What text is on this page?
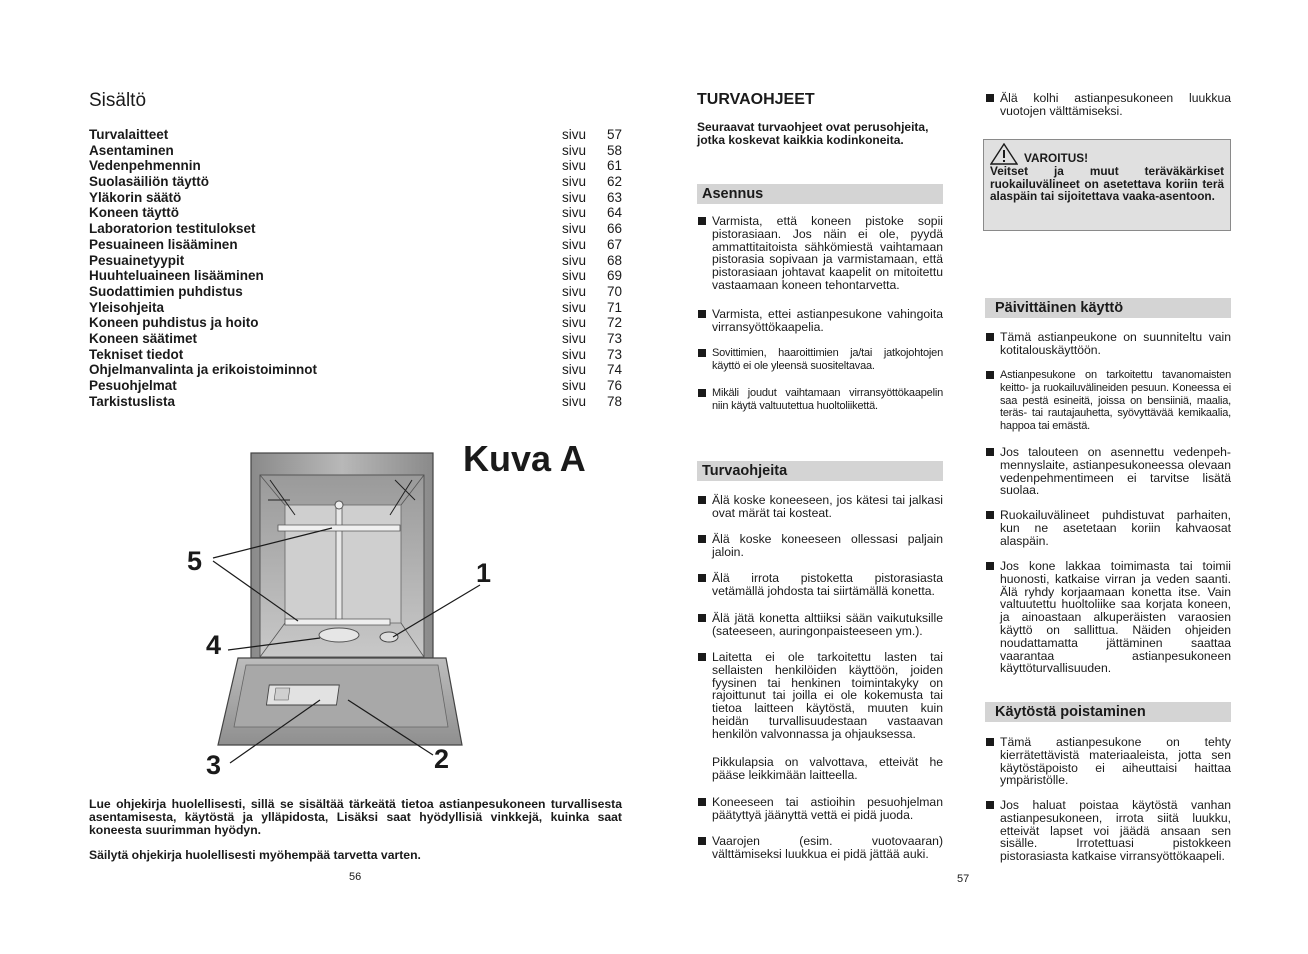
Sisältö
Turvalaitteet	sivu	57
Asentaminen	sivu	58
Vedenpehmennin	sivu	61
Suolasäiliön täyttö	sivu	62
Yläkorin säätö	sivu	63
Koneen täyttö	sivu	64
Laboratorion testitulokset	sivu	66
Pesuaineen lisääminen	sivu	67
Pesuainetyypit	sivu	68
Huuhteluaineen lisääminen	sivu	69
Suodattimien puhdistus	sivu	70
Yleisohjeita	sivu	71
Koneen puhdistus ja hoito	sivu	72
Koneen säätimet	sivu	73
Tekniset tiedot	sivu	73
Ohjelmanvalinta ja erikoistoiminnot	sivu	74
Pesuohjelmat	sivu	76
Tarkistuslista	sivu	78
Kuva A
5	1
4
3	2
Lue ohjekirja huolellisesti, sillä se sisältää tärkeätä tietoa astianpesukoneen turvallisesta asentamisesta, käytöstä ja ylläpidosta, Lisäksi saat hyödyllisiä vinkkejä, kuinka saat koneesta suurimman hyödyn.
Säilytä ohjekirja huolellisesti myöhempää tarvetta varten.
56
TURVAOHJEET
Seuraavat turvaohjeet ovat perusohjeita, jotka koskevat kaikkia kodinkoneita.
Asennus
Varmista, että koneen pistoke sopii pistorasiaan. Jos näin ei ole, pyydä ammattitaitoista sähkömiestä vaihtamaan pistorasia sopivaan ja varmistamaan, että pistorasiaan johtavat kaapelit on mitoitettu vastaamaan koneen tehontarvetta.
Varmista, ettei astianpesukone vahingoita virransyöttökaapelia.
Sovittimien, haaroittimien ja/tai jatkojohtojen käyttö ei ole yleensä suositeltavaa.
Mikäli joudut vaihtamaan virransyöttökaapelin niin käytä valtuutettua huoltoliikettä.
Turvaohjeita
Älä koske koneeseen, jos kätesi tai jalkasi ovat märät tai kosteat.
Älä koske koneeseen ollessasi paljain jaloin.
Älä irrota pistoketta pistorasiasta vetämällä johdosta tai siirtämällä konetta.
Älä jätä konetta alttiiksi sään vaikutuksille (sateeseen, auringonpaisteeseen ym.).
Laitetta ei ole tarkoitettu lasten tai sellaisten henkilöiden käyttöön, joiden fyysinen tai henkinen toimintakyky on rajoittunut tai joilla ei ole kokemusta tai tietoa laitteen käytöstä, muuten kuin heidän turvallisuudestaan vastaavan henkilön valvonnassa ja ohjauksessa.
Pikkulapsia on valvottava, etteivät he pääse leikkimään laitteella.
Koneeseen tai astioihin pesuohjelman päätyttyä jäänyttä vettä ei pidä juoda.
Vaarojen (esim. vuotovaaran) välttämiseksi luukkua ei pidä jättää auki.
Älä kolhi astianpesukoneen luukkua vuotojen välttämiseksi.
VAROITUS!
Veitset ja muut teräväkärkiset ruokailuvälineet on asetettava koriin terä alaspäin tai sijoitettava vaaka-asentoon.
Päivittäinen käyttö
Tämä astianpeukone on suunniteltu vain kotitalouskäyttöön.
Astianpesukone on tarkoitettu tavanomaisten keitto- ja ruokailuvälineiden pesuun. Koneessa ei saa pestä esineitä, joissa on bensiiniä, maalia, teräs- tai rautajauhetta, syövyttävää kemikaalia, happoa tai emästä.
Jos talouteen on asennettu vedenpeh-mennyslaite, astianpesukoneessa olevaan vedenpehmentimeen ei tarvitse lisätä suolaa.
Ruokailuvälineet puhdistuvat parhaiten, kun ne asetetaan koriin kahvaosat alaspäin.
Jos kone lakkaa toimimasta tai toimii huonosti, katkaise virran ja veden saanti. Älä ryhdy korjaamaan konetta itse. Vain valtuutettu huoltoliike saa korjata koneen, ja ainoastaan alkuperäisten varaosien käyttö on sallittua. Näiden ohjeiden noudattamatta jättäminen saattaa vaarantaa astianpesukoneen käyttöturvallisuuden.
Käytöstä poistaminen
Tämä astianpesukone on tehty kierrätettävistä materiaaleista, jotta sen käytöstäpoisto ei aiheuttaisi haittaa ympäristölle.
Jos haluat poistaa käytöstä vanhan astianpesukoneen, irrota siitä luukku, etteivät lapset voi jäädä ansaan sen sisälle. Irrotettuasi pistokkeen pistorasiasta katkaise virransyöttökaapeli.
57
